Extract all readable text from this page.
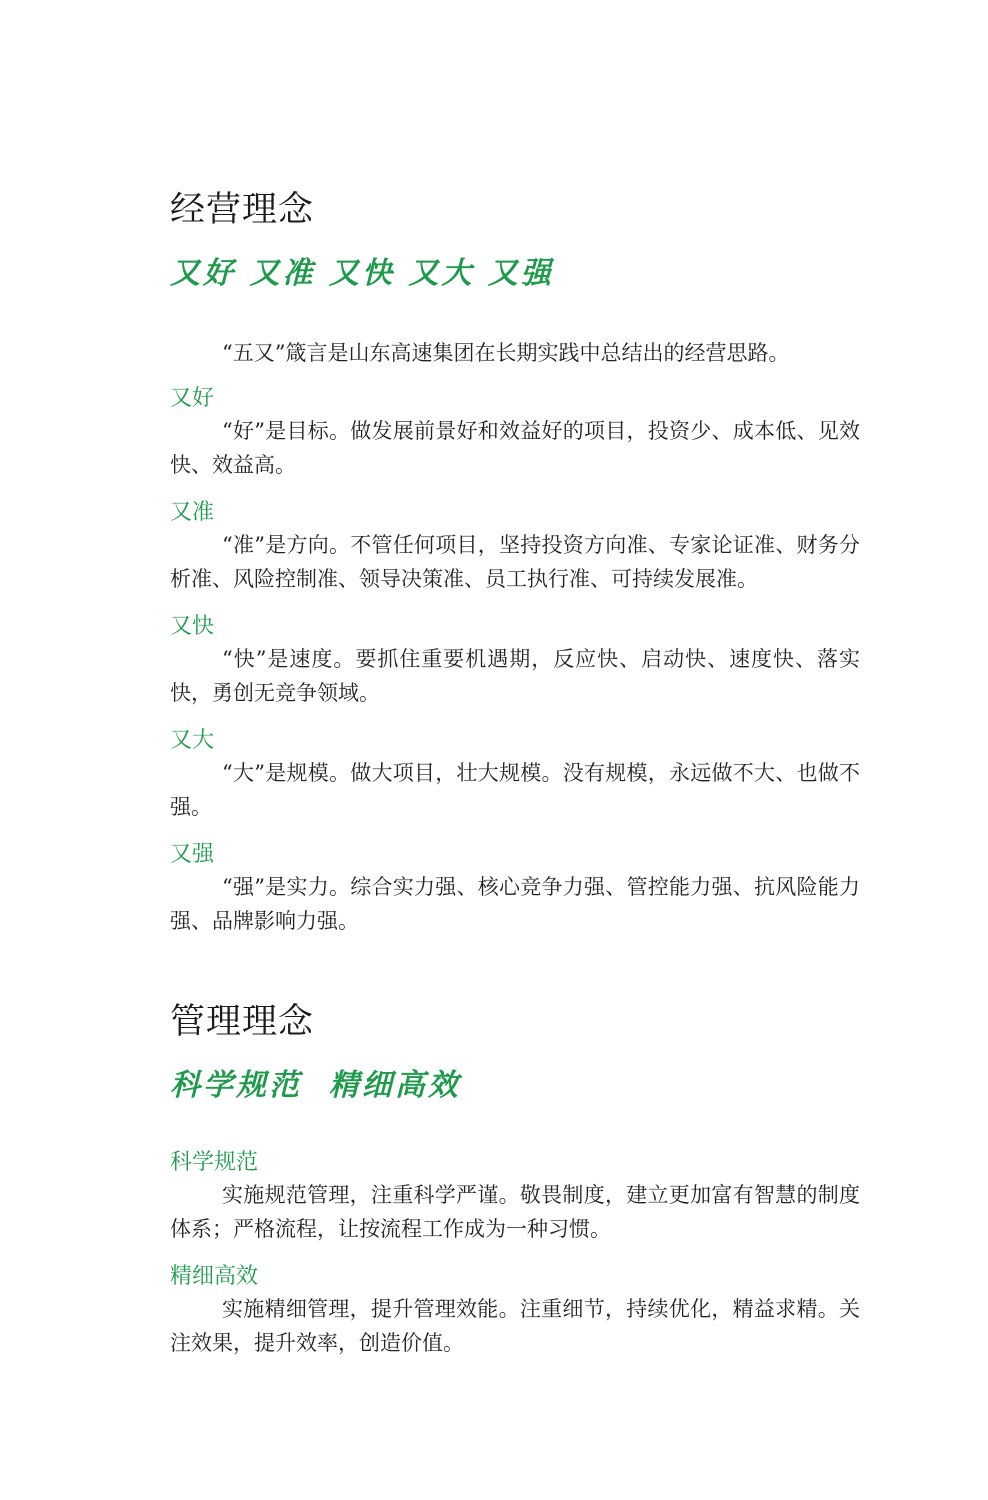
经营理念
又好 又准 又快 又大 又强

“五又”箴言是山东高速集团在长期实践中总结出的经营思路。

又好

“好”是目标。做发展前景好和效益好的项目，投资少、成本低、见效快、效益高。

又准

“准”是方向。不管任何项目，坚持投资方向准、专家论证准、财务分析准、风险控制准、领导决策准、员工执行准、可持续发展准。

又快

“快”是速度。要抓住重要机遇期，反应快、启动快、速度快、落实快，勇创无竞争领域。

又大

“大”是规模。做大项目，壮大规模。没有规模，永远做不大、也做不强。

又强

“强”是实力。综合实力强、核心竞争力强、管控能力强、抗风险能力强、品牌影响力强。

管理理念
科学规范  精细高效
科学规范

实施规范管理，注重科学严谨。敬畏制度，建立更加富有智慧的制度体系；严格流程，让按流程工作成为一种习惯。

精细高效

实施精细管理，提升管理效能。注重细节，持续优化，精益求精。关注效果，提升效率，创造价值。
